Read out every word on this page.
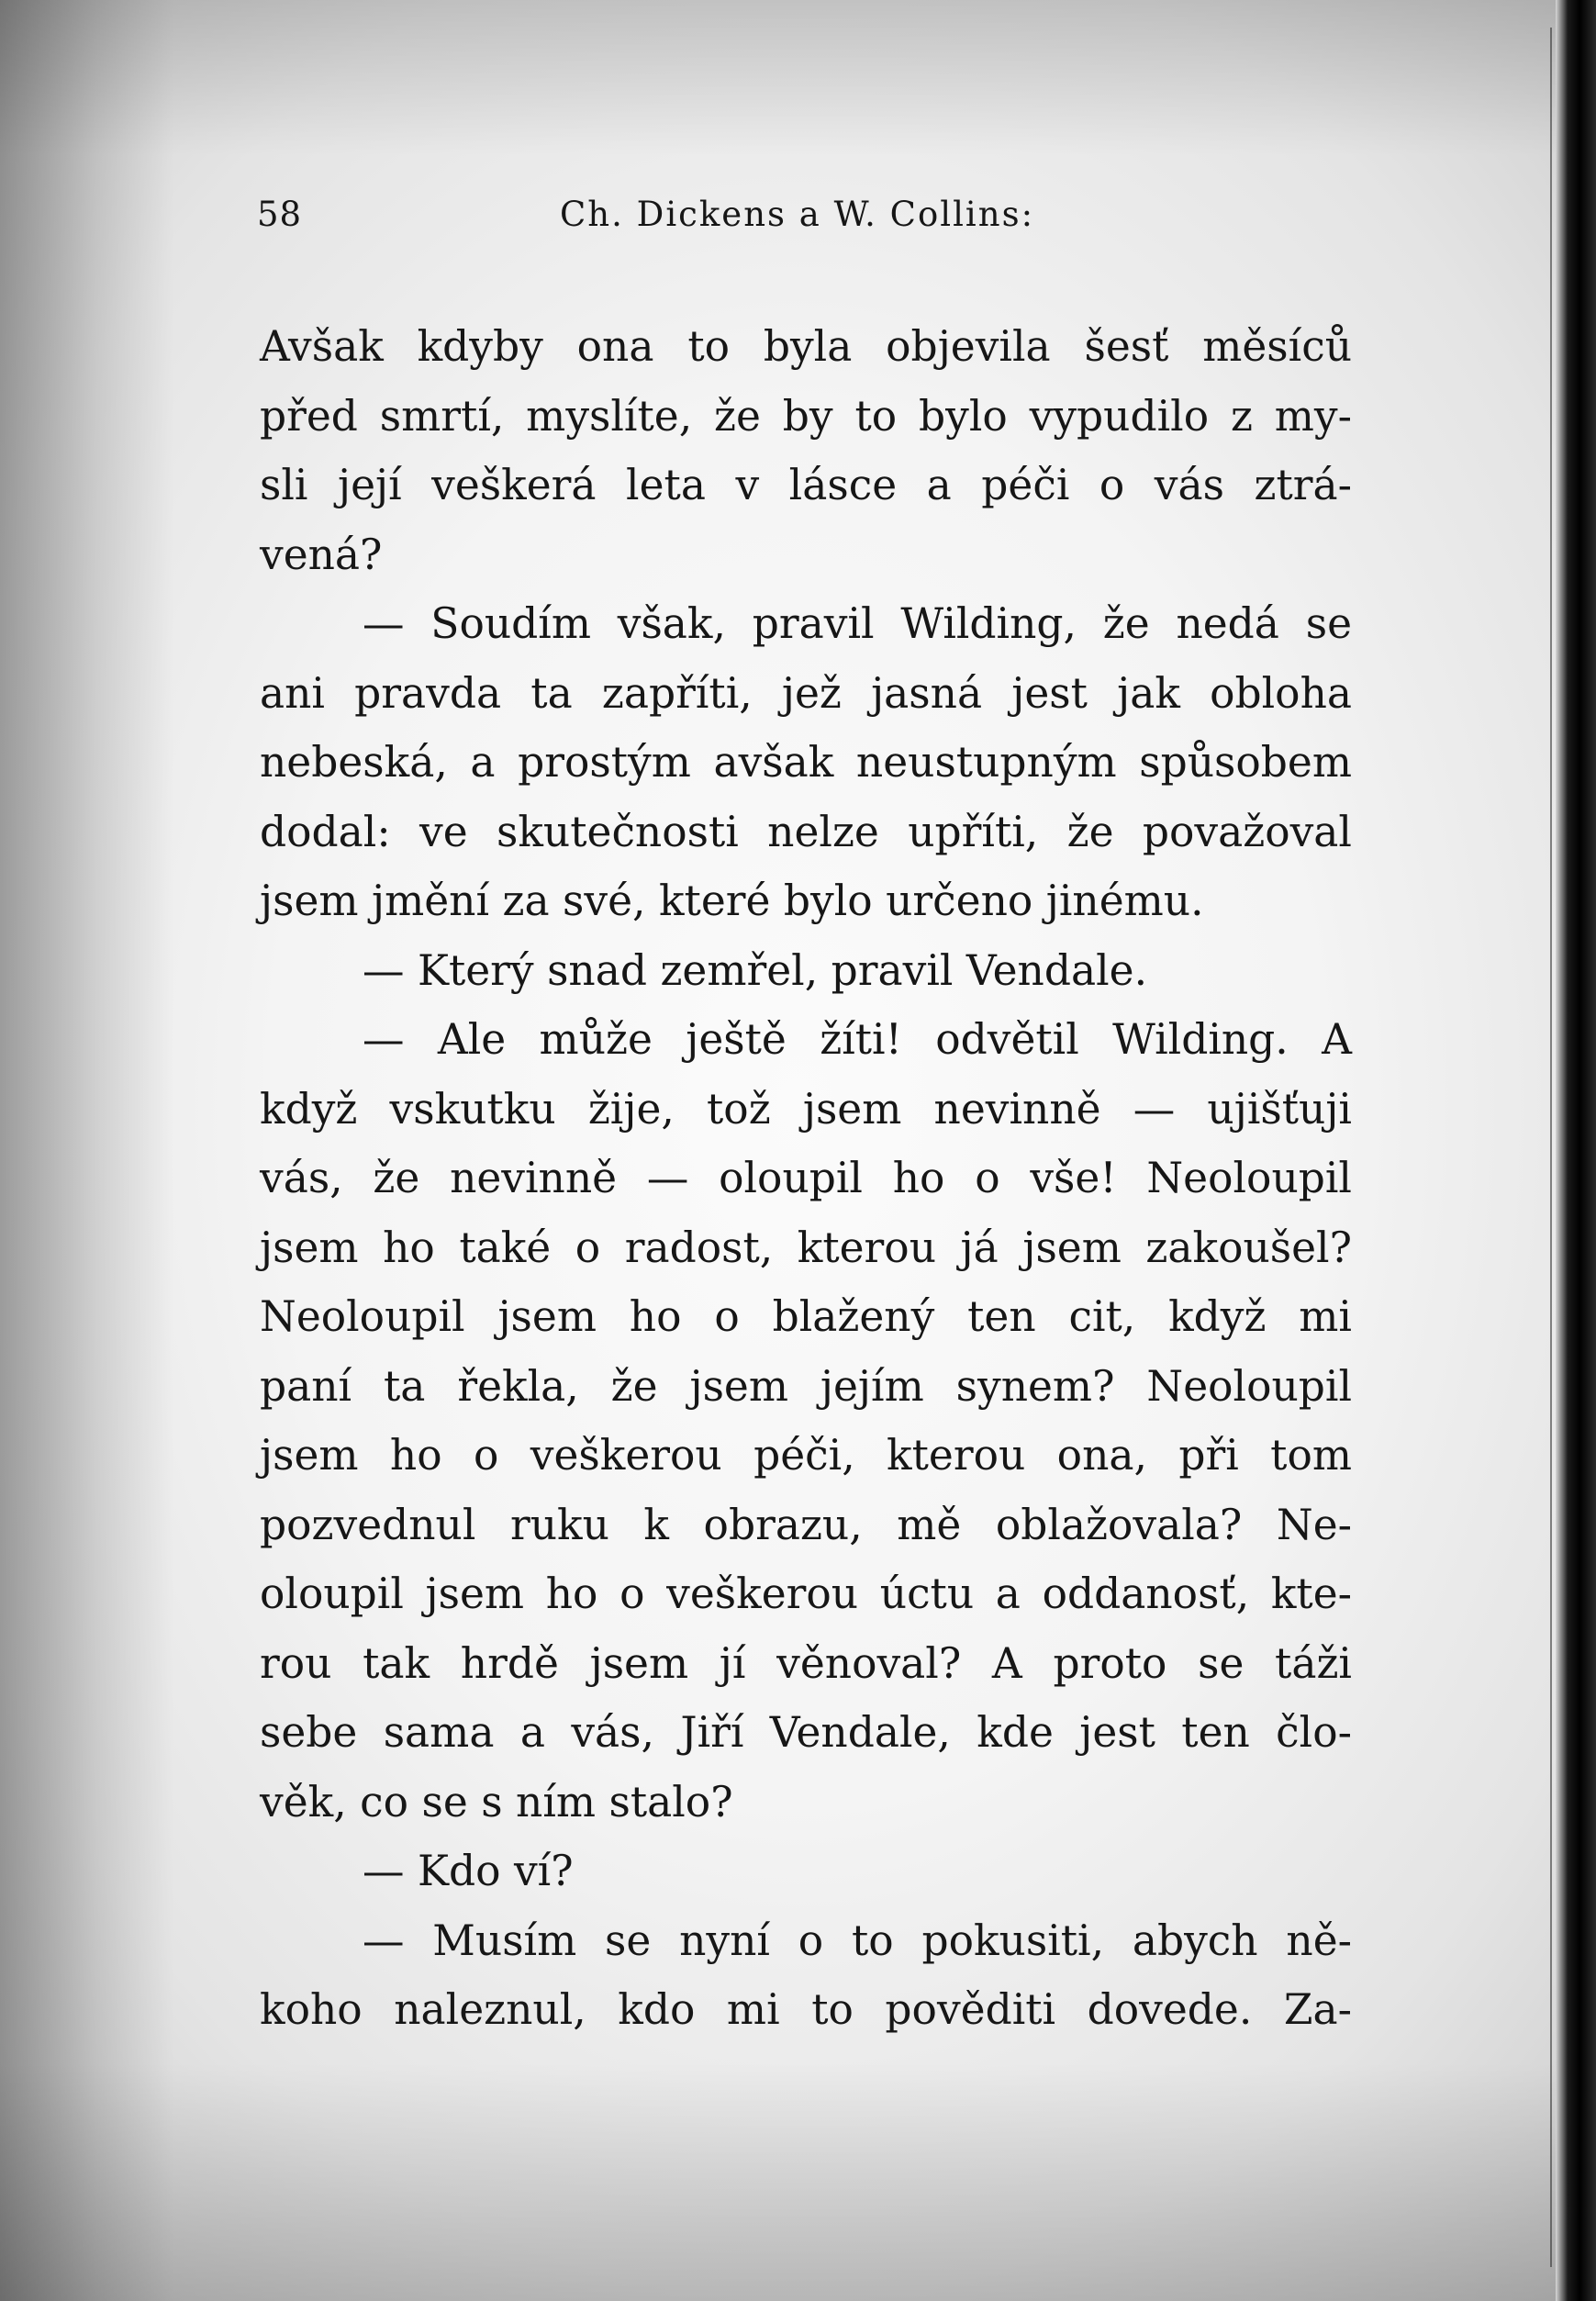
58	Ch. Dickens a W. Collins:
Avšak kdyby ona to byla objevila šesť měsíců
před smrtí, myslíte, že by to bylo vypudilo z my-
sli její veškerá leta v lásce a péči o vás ztrá-
vená?
— Soudím však, pravil Wilding, že nedá se
ani pravda ta zapříti, jež jasná jest jak obloha
nebeská, a prostým avšak neustupným spůsobem
dodal: ve skutečnosti nelze upříti, že považoval
jsem jmění za své, které bylo určeno jinému.
— Který snad zemřel, pravil Vendale.
— Ale může ještě žíti! odvětil Wilding. A
když vskutku žije, tož jsem nevinně — ujišťuji
vás, že nevinně — oloupil ho o vše! Neoloupil
jsem ho také o radost, kterou já jsem zakoušel?
Neoloupil jsem ho o blažený ten cit, když mi
paní ta řekla, že jsem jejím synem? Neoloupil
jsem ho o veškerou péči, kterou ona, při tom
pozvednul ruku k obrazu, mě oblažovala? Ne-
oloupil jsem ho o veškerou úctu a oddanosť, kte-
rou tak hrdě jsem jí věnoval? A proto se táži
sebe sama a vás, Jiří Vendale, kde jest ten člo-
věk, co se s ním stalo?
— Kdo ví?
— Musím se nyní o to pokusiti, abych ně-
koho naleznul, kdo mi to pověditi dovede. Za-
